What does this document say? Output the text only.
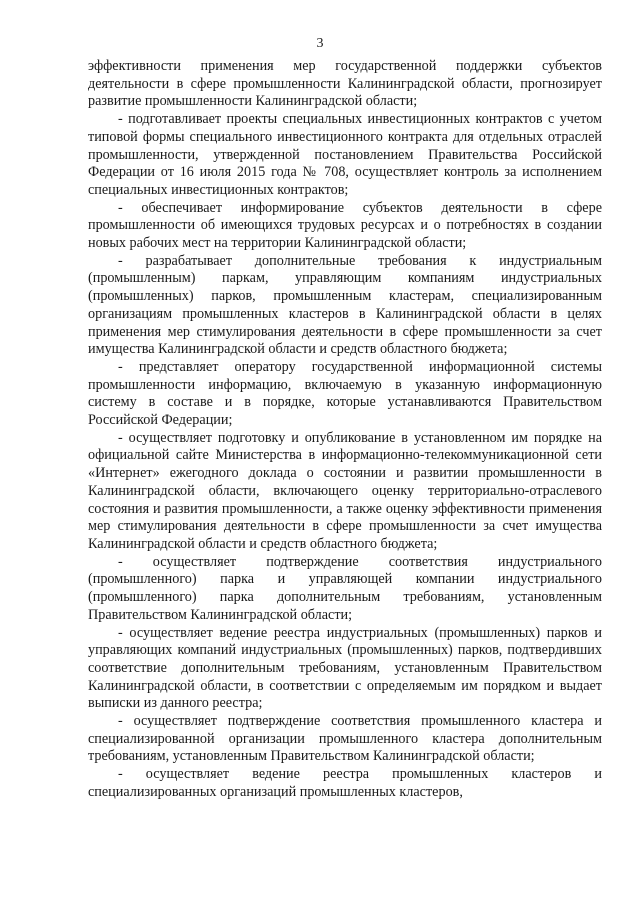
3

эффективности применения мер государственной поддержки субъектов деятельности в сфере промышленности Калининградской области, прогнозирует развитие промышленности Калининградской области;

- подготавливает проекты специальных инвестиционных контрактов с учетом типовой формы специального инвестиционного контракта для отдельных отраслей промышленности, утвержденной постановлением Правительства Российской Федерации от 16 июля 2015 года № 708, осуществляет контроль за исполнением специальных инвестиционных контрактов;

- обеспечивает информирование субъектов деятельности в сфере промышленности об имеющихся трудовых ресурсах и о потребностях в создании новых рабочих мест на территории Калининградской области;

- разрабатывает дополнительные требования к индустриальным (промышленным) паркам, управляющим компаниям индустриальных (промышленных) парков, промышленным кластерам, специализированным организациям промышленных кластеров в Калининградской области в целях применения мер стимулирования деятельности в сфере промышленности за счет имущества Калининградской области и средств областного бюджета;

- представляет оператору государственной информационной системы промышленности информацию, включаемую в указанную информационную систему в составе и в порядке, которые устанавливаются Правительством Российской Федерации;

- осуществляет подготовку и опубликование в установленном им порядке на официальной сайте Министерства в информационно-телекоммуникационной сети «Интернет» ежегодного доклада о состоянии и развитии промышленности в Калининградской области, включающего оценку территориально-отраслевого состояния и развития промышленности, а также оценку эффективности применения мер стимулирования деятельности в сфере промышленности за счет имущества Калининградской области и средств областного бюджета;

- осуществляет подтверждение соответствия индустриального (промышленного) парка и управляющей компании индустриального (промышленного) парка дополнительным требованиям, установленным Правительством Калининградской области;

- осуществляет ведение реестра индустриальных (промышленных) парков и управляющих компаний индустриальных (промышленных) парков, подтвердивших соответствие дополнительным требованиям, установленным Правительством Калининградской области, в соответствии с определяемым им порядком и выдает выписки из данного реестра;

- осуществляет подтверждение соответствия промышленного кластера и специализированной организации промышленного кластера дополнительным требованиям, установленным Правительством Калининградской области;

- осуществляет ведение реестра промышленных кластеров и специализированных организаций промышленных кластеров,
